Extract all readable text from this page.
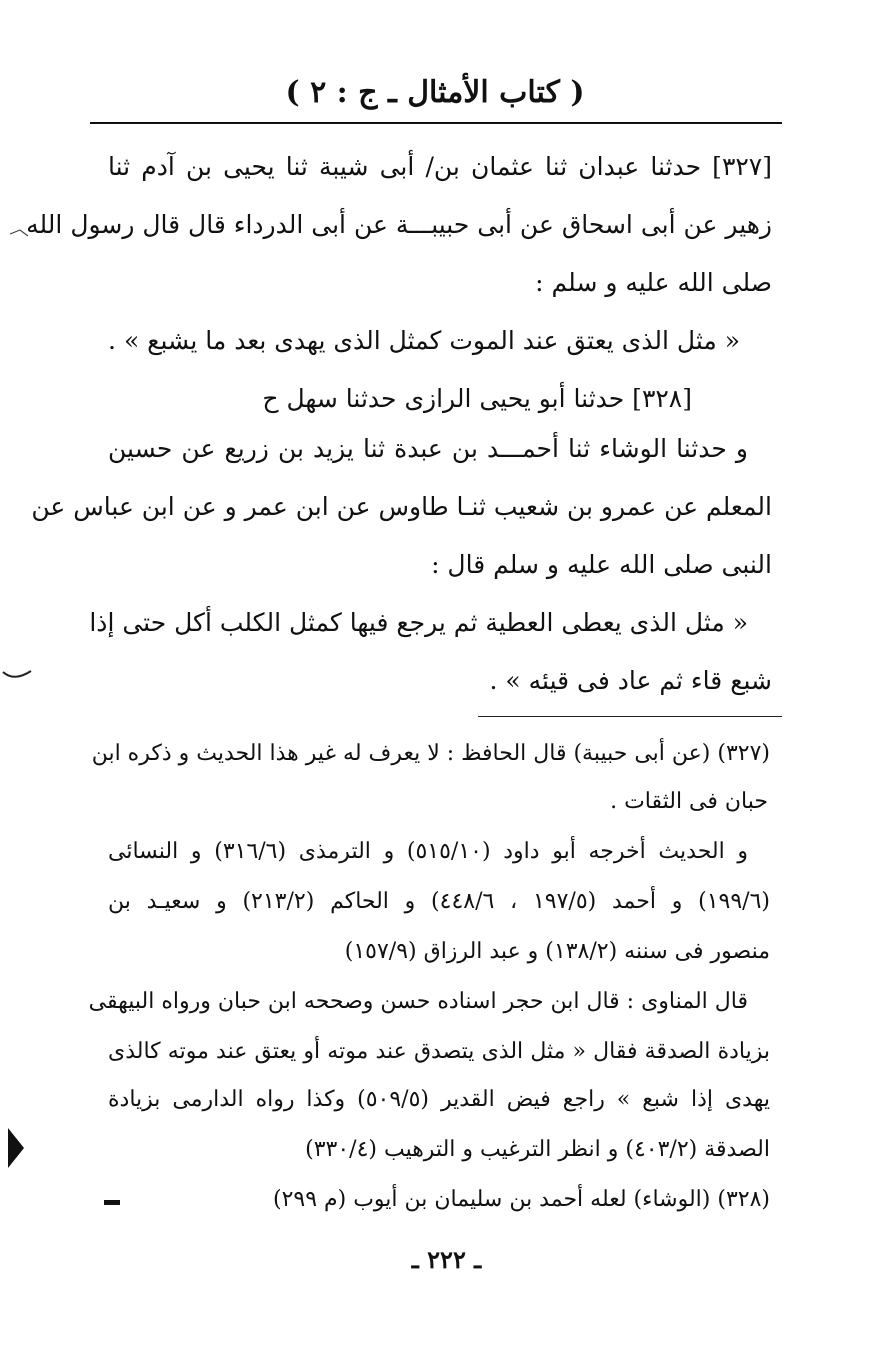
( كتاب الأمثال ـ ج : ٢ )
[٣٢٧] حدثنا عبدان ثنا عثمان بن/ أبى شيبة ثنا يحيى بن آدم ثنا
زهير عن أبى اسحاق عن أبى حبيبـــة عن أبى الدرداء قال قال رسول الله
صلى الله عليه و سلم :
« مثل الذى يعتق عند الموت كمثل الذى يهدى بعد ما يشبع » .
[٣٢٨] حدثنا أبو يحيى الرازى حدثنا سهل ح
و حدثنا الوشاء ثنا أحمـــد بن عبدة ثنا يزيد بن زريع عن حسين
المعلم عن عمرو بن شعيب ثنـا طاوس عن ابن عمر و عن ابن عباس عن
النبى صلى الله عليه و سلم قال :
« مثل الذى يعطى العطية ثم يرجع فيها كمثل الكلب أكل حتى إذا
شبع قاء ثم عاد فى قيئه » .
(٣٢٧) (عن أبى حبيبة) قال الحافظ : لا يعرف له غير هذا الحديث و ذكره ابن
حبان فى الثقات .
و الحديث أخرجه أبو داود (٥١٥/١٠) و الترمذى (٣١٦/٦) و النسائى
(١٩٩/٦) و أحمد (١٩٧/٥ ، ٤٤٨/٦) و الحاكم (٢١٣/٢) و سعيـد بن
منصور فى سننه (١٣٨/٢) و عبد الرزاق (١٥٧/٩)
قال المناوى : قال ابن حجر اسناده حسن وصححه ابن حبان ورواه البيهقى
بزيادة الصدقة فقال « مثل الذى يتصدق عند موته أو يعتق عند موته كالذى
يهدى إذا شبع » راجع فيض القدير (٥٠٩/٥) وكذا رواه الدارمى بزيادة
الصدقة (٤٠٣/٢) و انظر الترغيب و الترهيب (٣٣٠/٤)
(٣٢٨) (الوشاء) لعله أحمد بن سليمان بن أيوب (م ٢٩٩)
ـ ٢٢٢ ـ
